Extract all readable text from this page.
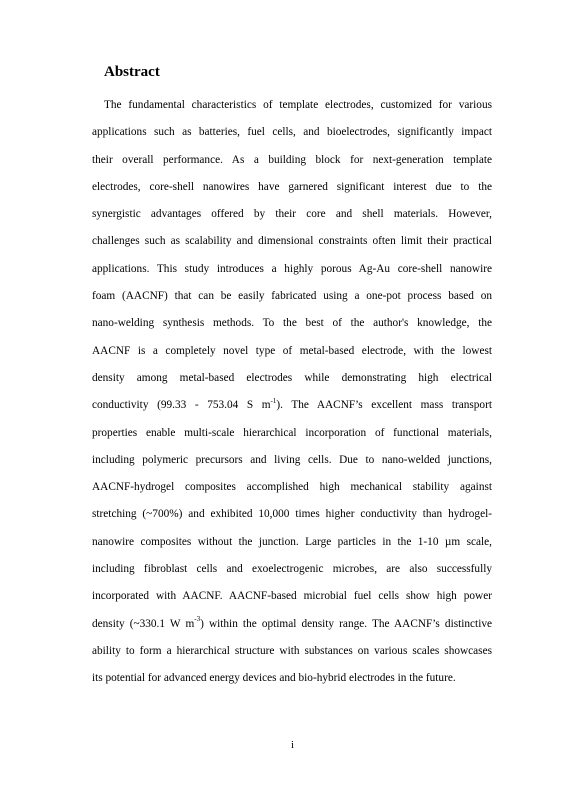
Abstract
The fundamental characteristics of template electrodes, customized for various
applications such as batteries, fuel cells, and bioelectrodes, significantly impact
their overall performance. As a building block for next-generation template
electrodes, core-shell nanowires have garnered significant interest due to the
synergistic advantages offered by their core and shell materials. However,
challenges such as scalability and dimensional constraints often limit their practical
applications. This study introduces a highly porous Ag-Au core-shell nanowire
foam (AACNF) that can be easily fabricated using a one-pot process based on
nano-welding synthesis methods. To the best of the author's knowledge, the
AACNF is a completely novel type of metal-based electrode, with the lowest
density among metal-based electrodes while demonstrating high electrical
conductivity (99.33 - 753.04 S $m^{-1}$). The AACNF’s excellent mass transport
properties enable multi-scale hierarchical incorporation of functional materials,
including polymeric precursors and living cells. Due to nano-welded junctions,
AACNF-hydrogel composites accomplished high mechanical stability against
stretching (~700%) and exhibited 10,000 times higher conductivity than hydrogel-
nanowire composites without the junction. Large particles in the 1-10 µm scale,
including fibroblast cells and exoelectrogenic microbes, are also successfully
incorporated with AACNF. AACNF-based microbial fuel cells show high power
density (~330.1 W $m^{-3}$) within the optimal density range. The AACNF’s distinctive
ability to form a hierarchical structure with substances on various scales showcases
its potential for advanced energy devices and bio-hybrid electrodes in the future.
i
